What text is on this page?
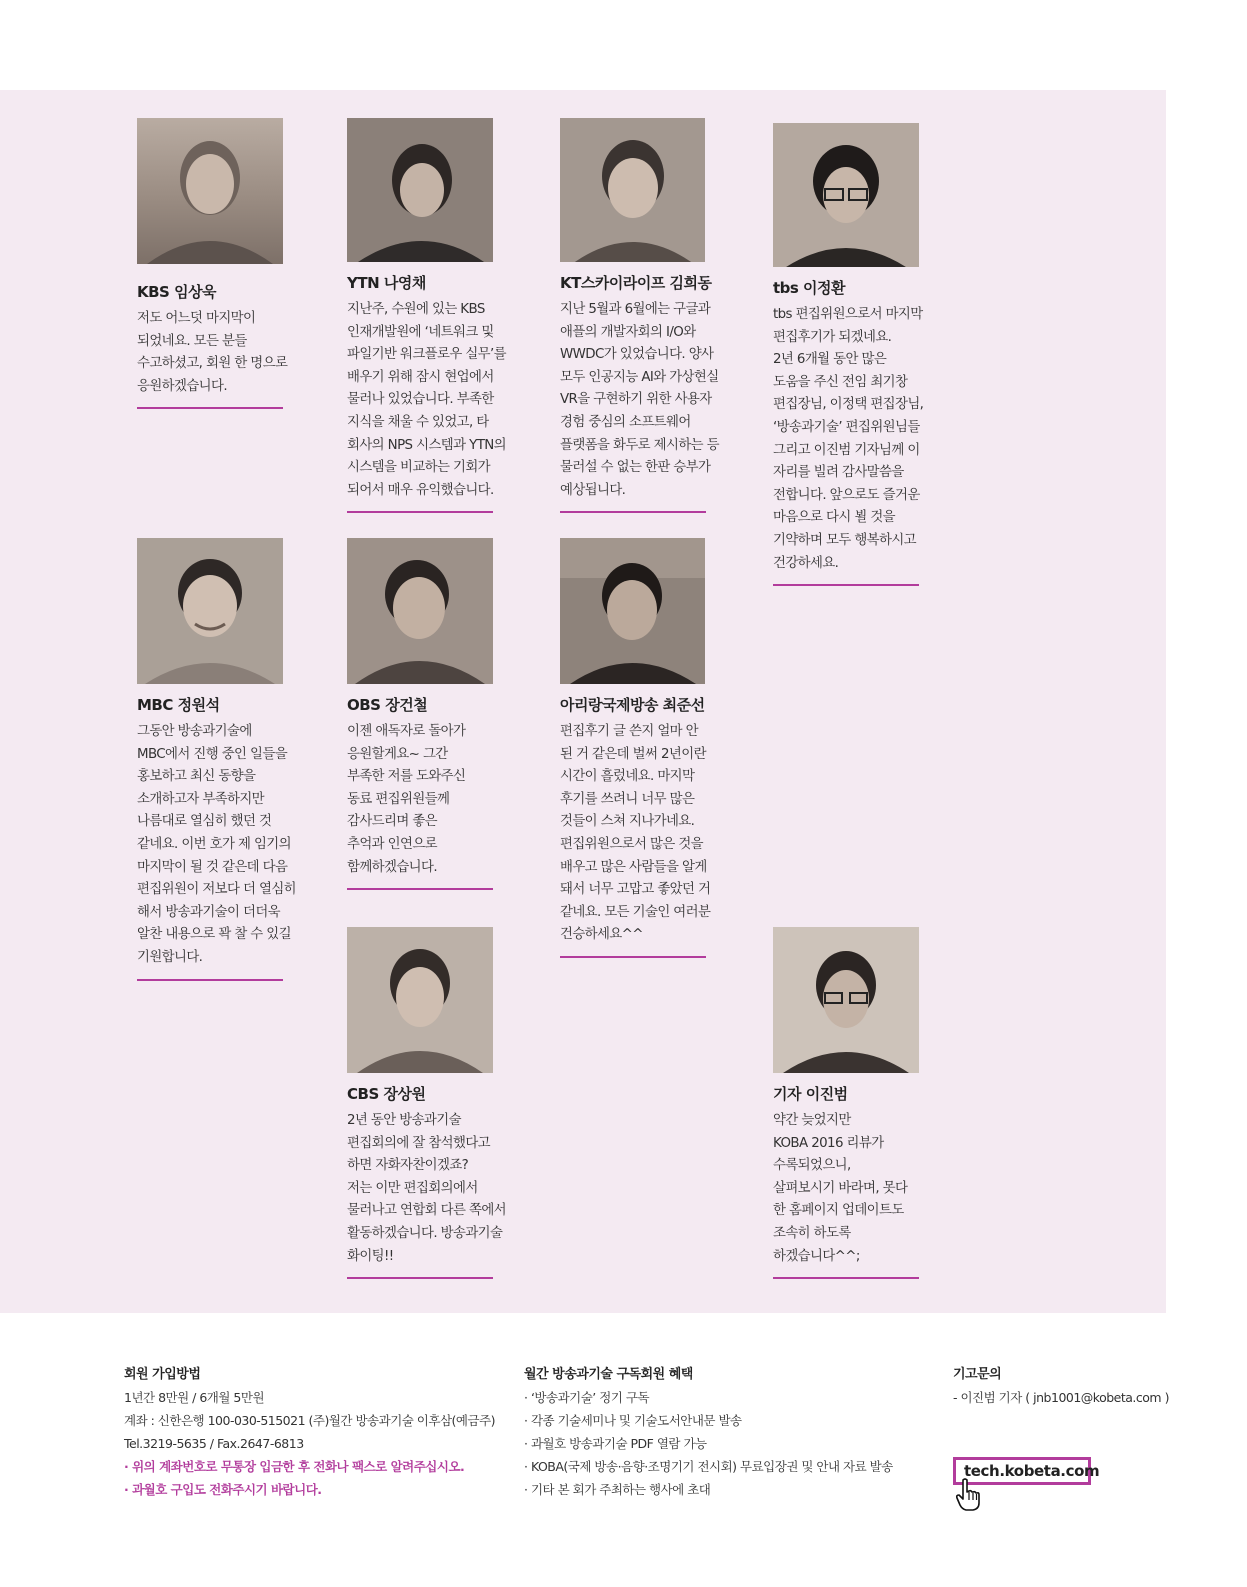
KBS 임상욱
저도 어느덧 마지막이
되었네요. 모든 분들
수고하셨고, 회원 한 명으로
응원하겠습니다.
YTN 나영채
지난주, 수원에 있는 KBS
인재개발원에 ‘네트워크 및
파일기반 워크플로우 실무’를
배우기 위해 잠시 현업에서
물러나 있었습니다. 부족한
지식을 채울 수 있었고, 타
회사의 NPS 시스템과 YTN의
시스템을 비교하는 기회가
되어서 매우 유익했습니다.
KT스카이라이프 김희동
지난 5월과 6월에는 구글과
애플의 개발자회의 I/O와
WWDC가 있었습니다. 양사
모두 인공지능 AI와 가상현실
VR을 구현하기 위한 사용자
경험 중심의 소프트웨어
플랫폼을 화두로 제시하는 등
물러설 수 없는 한판 승부가
예상됩니다.
tbs 이정환
tbs 편집위원으로서 마지막
편집후기가 되겠네요.
2년 6개월 동안 많은
도움을 주신 전임 최기창
편집장님, 이정택 편집장님,
‘방송과기술’ 편집위원님들
그리고 이진범 기자님께 이
자리를 빌려 감사말씀을
전합니다. 앞으로도 즐거운
마음으로 다시 뵐 것을
기약하며 모두 행복하시고
건강하세요.
MBC 정원석
그동안 방송과기술에
MBC에서 진행 중인 일들을
홍보하고 최신 동향을
소개하고자 부족하지만
나름대로 열심히 했던 것
같네요. 이번 호가 제 임기의
마지막이 될 것 같은데 다음
편집위원이 저보다 더 열심히
해서 방송과기술이 더더욱
알찬 내용으로 꽉 찰 수 있길
기원합니다.
OBS 장건철
이젠 애독자로 돌아가
응원할게요~ 그간
부족한 저를 도와주신
동료 편집위원들께
감사드리며 좋은
추억과 인연으로
함께하겠습니다.
아리랑국제방송 최준선
편집후기 글 쓴지 얼마 안
된 거 같은데 벌써 2년이란
시간이 흘렀네요. 마지막
후기를 쓰려니 너무 많은
것들이 스쳐 지나가네요.
편집위원으로서 많은 것을
배우고 많은 사람들을 알게
돼서 너무 고맙고 좋았던 거
같네요. 모든 기술인 여러분
건승하세요^^
CBS 장상원
2년 동안 방송과기술
편집회의에 잘 참석했다고
하면 자화자찬이겠죠?
저는 이만 편집회의에서
물러나고 연합회 다른 쪽에서
활동하겠습니다. 방송과기술
화이팅!!
기자 이진범
약간 늦었지만
KOBA 2016 리뷰가
수록되었으니,
살펴보시기 바라며, 못다
한 홈페이지 업데이트도
조속히 하도록
하겠습니다^^;
회원 가입방법
1년간 8만원 / 6개월 5만원
계좌 : 신한은행 100-030-515021 (주)월간 방송과기술 이후삼(예금주)
Tel.3219-5635 / Fax.2647-6813
· 위의 계좌번호로 무통장 입금한 후 전화나 팩스로 알려주십시오.
· 과월호 구입도 전화주시기 바랍니다.
월간 방송과기술 구독회원 혜택
· ‘방송과기술’ 정기 구독
· 각종 기술세미나 및 기술도서안내문 발송
· 과월호 방송과기술 PDF 열람 가능
· KOBA(국제 방송·음향·조명기기 전시회) 무료입장권 및 안내 자료 발송
· 기타 본 회가 주최하는 행사에 초대
기고문의
- 이진범 기자 ( jnb1001@kobeta.com )
tech.kobeta.com
